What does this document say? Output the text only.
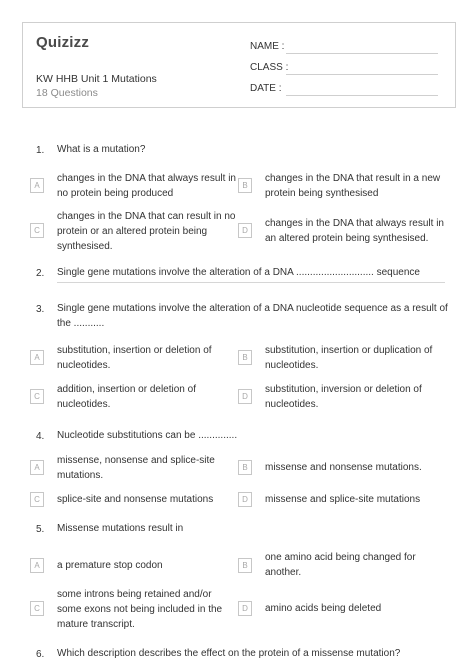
Quizizz
KW HHB Unit 1 Mutations
18 Questions
NAME :
CLASS :
DATE :
1. What is a mutation?
A
changes in the DNA that always result in no protein being produced
B
changes in the DNA that result in a new protein being synthesised
C
changes in the DNA that can result in no protein or an altered protein being synthesised.
D
changes in the DNA that always result in an altered protein being synthesised.
2. Single gene mutations involve the alteration of a DNA ............................ sequence
3. Single gene mutations involve the alteration of a DNA nucleotide sequence as a result of the ...........
A
substitution, insertion or deletion of nucleotides.
B
substitution, insertion or duplication of nucleotides.
C
addition, insertion or deletion of nucleotides.
D
substitution, inversion or deletion of nucleotides.
4. Nucleotide substitutions can be ..............
A
missense, nonsense and splice-site mutations.
B	missense and nonsense mutations.
C	splice-site and nonsense mutations	D	missense and splice-site mutations
5. Missense mutations result in
A	a premature stop codon	B
one amino acid being changed for another.
C
some introns being retained and/or some exons not being included in the mature transcript.
D	amino acids being deleted
6. Which description describes the effect on the protein of a missense mutation?
